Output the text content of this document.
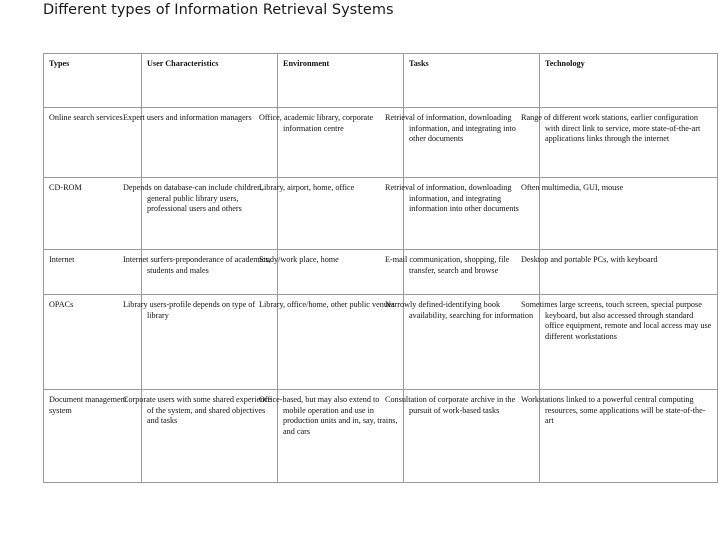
Different types of Information Retrieval Systems
Types	User Characteristics	Environment	Tasks	Technology
Online search services	Expert users and information managers	Office, academic library, corporate information centre	Retrieval of information, downloading information, and integrating into other documents	Range of different work stations, earlier configuration with direct link to service, more state-of-the-art applications links through the internet
CD-ROM	Depends on database-can include children, general public library users, professional users and others	Library, airport, home, office	Retrieval of information, downloading information, and integrating information into other documents	Often multimedia, GUI, mouse
Internet	Internet surfers-preponderance of academics, students and males	Study/work place, home	E-mail communication, shopping, file transfer, search and browse	Desktop and portable PCs, with keyboard
OPACs	Library users-profile depends on type of library	Library, office/home, other public venues	Narrowly defined-identifying book availability, searching for information	Sometimes large screens, touch screen, special purpose keyboard, but also accessed through standard office equipment, remote and local access may use different workstations
Document management system	Corporate users with some shared experience of the system, and shared objectives and tasks	Office-based, but may also extend to mobile operation and use in production units and in, say, trains, and cars	Consultation of corporate archive in the pursuit of work-based tasks	Workstations linked to a powerful central computing resources, some applications will be state-of-the-art
